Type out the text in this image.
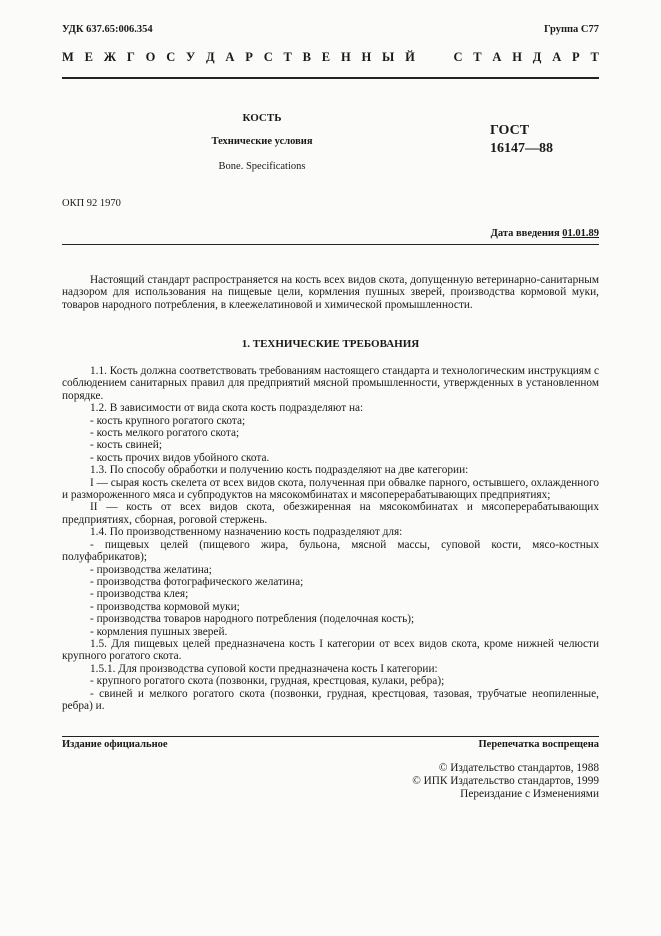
УДК 637.65:006.354	Группа С77
М Е Ж Г О С У Д А Р С Т В Е Н Н Ы Й

	С Т А Н Д А Р Т
КОСТЬ
Технические условия
Bone. Specifications
ГОСТ
16147—88
ОКП 92 1970
Дата введения 01.01.89

Настоящий стандарт распространяется на кость всех видов скота, допущенную ветеринарно-санитарным надзором для использования на пищевые цели, кормления пушных зверей, производства кормовой муки, товаров народного потребления, в клеежелатиновой и химической промышленности.

1. ТЕХНИЧЕСКИЕ ТРЕБОВАНИЯ

1.1. Кость должна соответствовать требованиям настоящего стандарта и технологическим инструкциям с соблюдением санитарных правил для предприятий мясной промышленности, утвержденных в установленном порядке.

1.2. В зависимости от вида скота кость подразделяют на:

- кость крупного рогатого скота;

- кость мелкого рогатого скота;

- кость свиней;

- кость прочих видов убойного скота.

1.3. По способу обработки и получению кость подразделяют на две категории:

I — сырая кость скелета от всех видов скота, полученная при обвалке парного, остывшего, охлажденного и размороженного мяса и субпродуктов на мясокомбинатах и мясоперерабатывающих предприятиях;

II — кость от всех видов скота, обезжиренная на мясокомбинатах и мясоперерабатывающих предприятиях, сборная, роговой стержень.

1.4. По производственному назначению кость подразделяют для:

- пищевых целей (пищевого жира, бульона, мясной массы, суповой кости, мясо-костных полуфабрикатов);

- производства желатина;

- производства фотографического желатина;

- производства клея;

- производства кормовой муки;

- производства товаров народного потребления (поделочная кость);

- кормления пушных зверей.

1.5. Для пищевых целей предназначена кость I категории от всех видов скота, кроме нижней челюсти крупного рогатого скота.

1.5.1. Для производства суповой кости предназначена кость I категории:

- крупного рогатого скота (позвонки, грудная, крестцовая, кулаки, ребра);

- свиней и мелкого рогатого скота (позвонки, грудная, крестцовая, тазовая, трубчатые неопиленные, ребра) и.

Издание официальное	Перепечатка воспрещена
© Издательство стандартов, 1988
© ИПК Издательство стандартов, 1999
Переиздание с Изменениями
